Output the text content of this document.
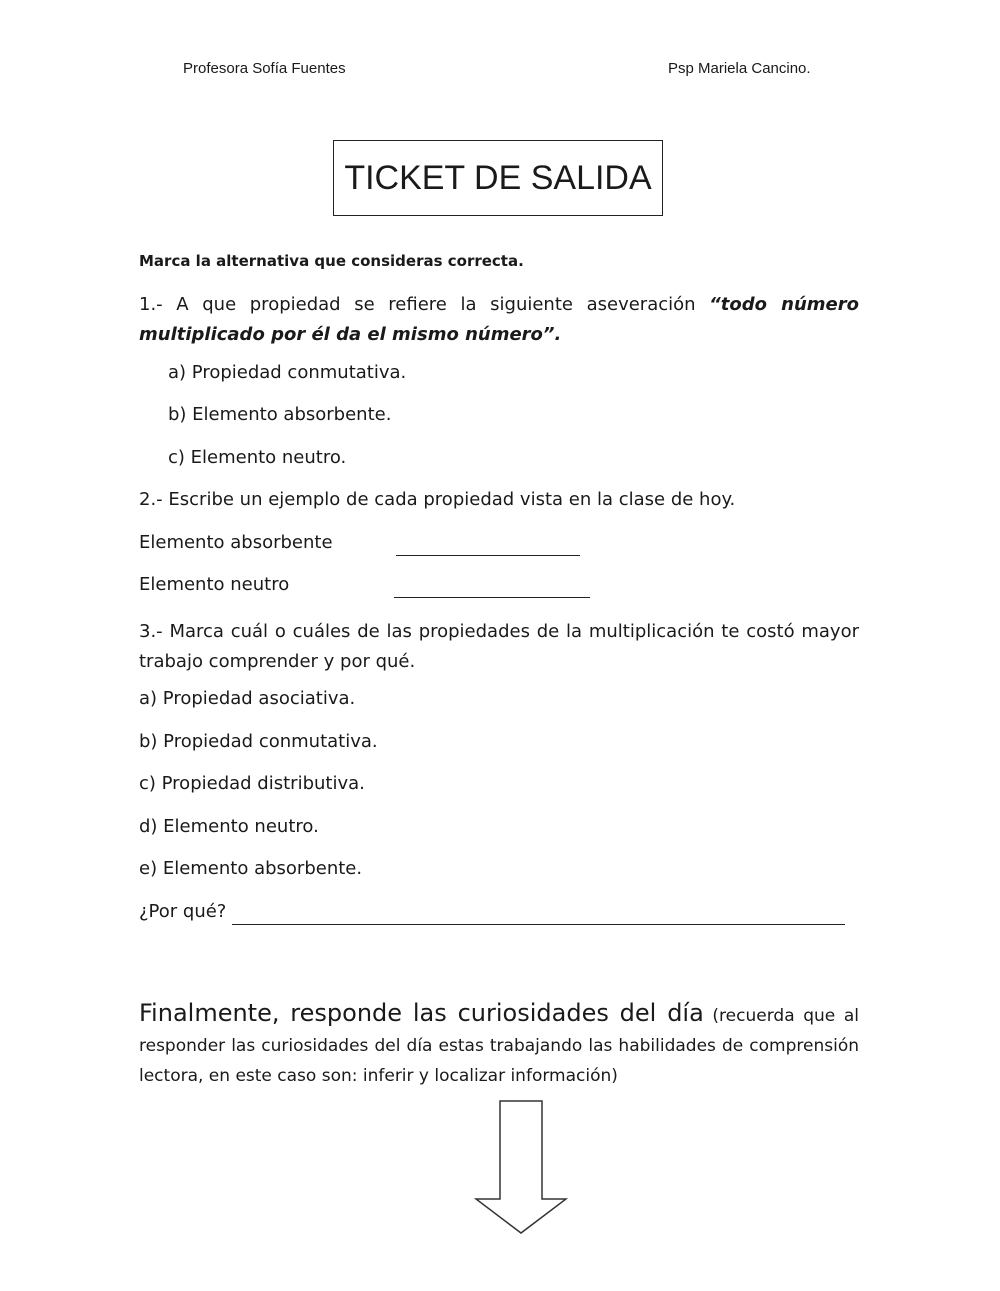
Profesora Sofía Fuentes	Psp Mariela Cancino.
TICKET DE SALIDA
Marca la alternativa que consideras correcta.
1.- A que propiedad se refiere la siguiente aseveración “todo número multiplicado por él da el mismo número”.
a) Propiedad conmutativa.
b) Elemento absorbente.
c) Elemento neutro.
2.- Escribe un ejemplo de cada propiedad vista en la clase de hoy.
Elemento absorbente
Elemento neutro
3.- Marca cuál o cuáles de las propiedades de la multiplicación te costó mayor trabajo comprender y por qué.
a) Propiedad asociativa.
b) Propiedad conmutativa.
c) Propiedad distributiva.
d) Elemento neutro.
e) Elemento absorbente.
¿Por qué?
Finalmente, responde las curiosidades del día (recuerda que al responder las curiosidades del día estas trabajando las habilidades de comprensión lectora, en este caso son: inferir y localizar información)
